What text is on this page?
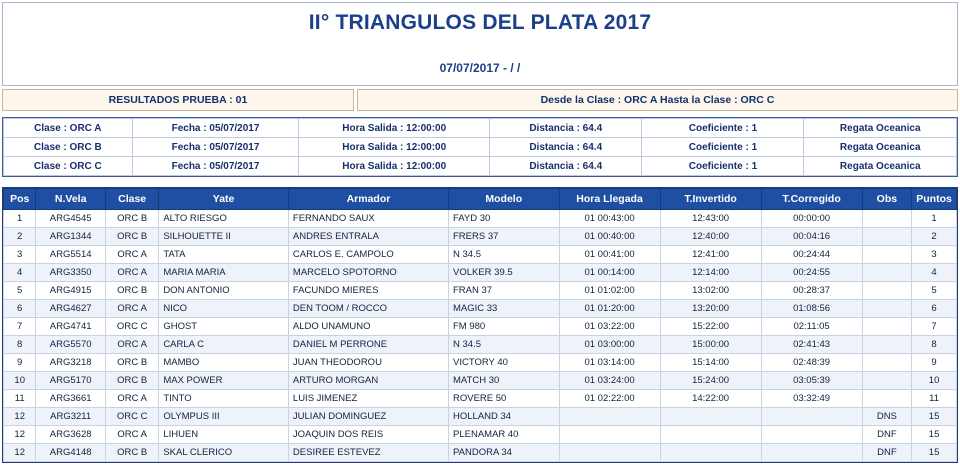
II° TRIANGULOS DEL PLATA 2017
07/07/2017 - / /
RESULTADOS PRUEBA : 01	Desde la Clase : ORC A Hasta la Clase : ORC C
Clase : ORC A	Fecha : 05/07/2017	Hora Salida : 12:00:00	Distancia : 64.4	Coeficiente : 1	Regata Oceanica
Clase : ORC B	Fecha : 05/07/2017	Hora Salida : 12:00:00	Distancia : 64.4	Coeficiente : 1	Regata Oceanica
Clase : ORC C	Fecha : 05/07/2017	Hora Salida : 12:00:00	Distancia : 64.4	Coeficiente : 1	Regata Oceanica
Pos	N.Vela	Clase	Yate	Armador	Modelo	Hora Llegada	T.Invertido	T.Corregido	Obs	Puntos
1	ARG4545	ORC B	ALTO RIESGO	FERNANDO SAUX	FAYD 30	01 00:43:00	12:43:00	00:00:00		1
2	ARG1344	ORC B	SILHOUETTE II	ANDRES ENTRALA	FRERS 37	01 00:40:00	12:40:00	00:04:16		2
3	ARG5514	ORC A	TATA	CARLOS E. CAMPOLO	N 34.5	01 00:41:00	12:41:00	00:24:44		3
4	ARG3350	ORC A	MARIA MARIA	MARCELO SPOTORNO	VOLKER 39.5	01 00:14:00	12:14:00	00:24:55		4
5	ARG4915	ORC B	DON ANTONIO	FACUNDO MIERES	FRAN 37	01 01:02:00	13:02:00	00:28:37		5
6	ARG4627	ORC A	NICO	DEN TOOM / ROCCO	MAGIC 33	01 01:20:00	13:20:00	01:08:56		6
7	ARG4741	ORC C	GHOST	ALDO UNAMUNO	FM 980	01 03:22:00	15:22:00	02:11:05		7
8	ARG5570	ORC A	CARLA C	DANIEL M PERRONE	N 34.5	01 03:00:00	15:00:00	02:41:43		8
9	ARG3218	ORC B	MAMBO	JUAN THEODOROU	VICTORY 40	01 03:14:00	15:14:00	02:48:39		9
10	ARG5170	ORC B	MAX POWER	ARTURO MORGAN	MATCH 30	01 03:24:00	15:24:00	03:05:39		10
11	ARG3661	ORC A	TINTO	LUIS JIMENEZ	ROVERE 50	01 02:22:00	14:22:00	03:32:49		11
12	ARG3211	ORC C	OLYMPUS III	JULIAN DOMINGUEZ	HOLLAND 34				DNS	15
12	ARG3628	ORC A	LIHUEN	JOAQUIN DOS REIS	PLENAMAR 40				DNF	15
12	ARG4148	ORC B	SKAL CLERICO	DESIREE ESTEVEZ	PANDORA 34				DNF	15
